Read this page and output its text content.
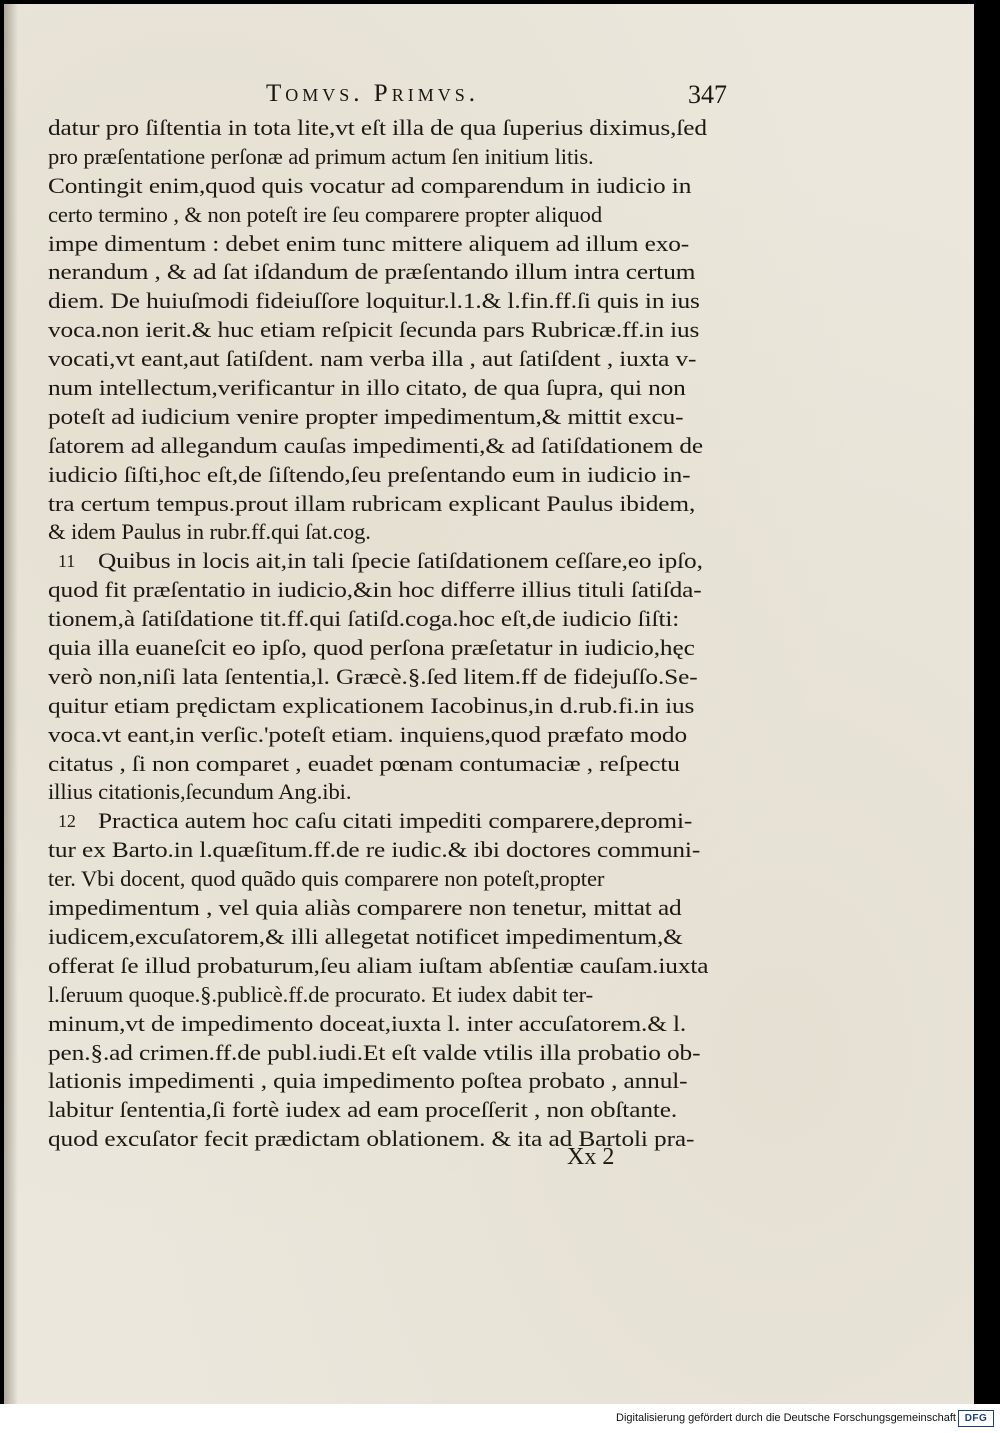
Tomvs. Primvs.	347
datur pro ſiſtentia in tota lite,vt eſt illa de qua ſuperius diximus,ſed
pro præſentatione perſonæ ad primum actum ſen initium litis.
Contingit enim,quod quis vocatur ad comparendum in iudicio in
certo termino , & non poteſt ire ſeu comparere propter aliquod
impe dimentum : debet enim tunc mittere aliquem ad illum exo-
nerandum , & ad ſat iſdandum de præſentando illum intra certum
diem. De huiuſmodi fideiuſſore loquitur.l.1.& l.fin.ff.ſi quis in ius
voca.non ierit.& huc etiam reſpicit ſecunda pars Rubricæ.ff.in ius
vocati,vt eant,aut ſatiſdent. nam verba illa , aut ſatiſdent , iuxta v-
num intellectum,verificantur in illo citato, de qua ſupra, qui non
poteſt ad iudicium venire propter impedimentum,& mittit excu-
ſatorem ad allegandum cauſas impedimenti,& ad ſatiſdationem de
iudicio ſiſti,hoc eſt,de ſiſtendo,ſeu preſentando eum in iudicio in-
tra certum tempus.prout illam rubricam explicant Paulus ibidem,
& idem Paulus in rubr.ff.qui ſat.cog.
11 Quibus in locis ait,in tali ſpecie ſatiſdationem ceſſare,eo ipſo,
quod fit præſentatio in iudicio,&in hoc differre illius tituli ſatiſda-
tionem,à ſatiſdatione tit.ff.qui ſatiſd.coga.hoc eſt,de iudicio ſiſti:
quia illa euaneſcit eo ipſo, quod perſona præſetatur in iudicio,hęc
verò non,niſi lata ſententia,l. Græcè.§.ſed litem.ff de fidejuſſo.Se-
quitur etiam prędictam explicationem Iacobinus,in d.rub.fi.in ius
voca.vt eant,in verſic.'poteſt etiam. inquiens,quod præfato modo
citatus , ſi non comparet , euadet pœnam contumaciæ , reſpectu
illius citationis,ſecundum Ang.ibi.
12 Practica autem hoc caſu citati impediti comparere,depromi-
tur ex Barto.in l.quæſitum.ff.de re iudic.& ibi doctores communi-
ter. Vbi docent, quod quãdo quis comparere non poteſt,propter
impedimentum , vel quia aliàs comparere non tenetur, mittat ad
iudicem,excuſatorem,& illi allegetat notificet impedimentum,&
offerat ſe illud probaturum,ſeu aliam iuſtam abſentiæ cauſam.iuxta
l.ſeruum quoque.§.publicè.ff.de procurato. Et iudex dabit ter-
minum,vt de impedimento doceat,iuxta l. inter accuſatorem.& l.
pen.§.ad crimen.ff.de publ.iudi.Et eſt valde vtilis illa probatio ob-
lationis impedimenti , quia impedimento poſtea probato , annul-
labitur ſententia,ſi fortè iudex ad eam proceſſerit , non obſtante.
quod excuſator fecit prædictam oblationem. & ita ad Bartoli pra-
Xx 2
Digitalisierung gefördert durch die Deutsche Forschungsgemeinschaft DFG
